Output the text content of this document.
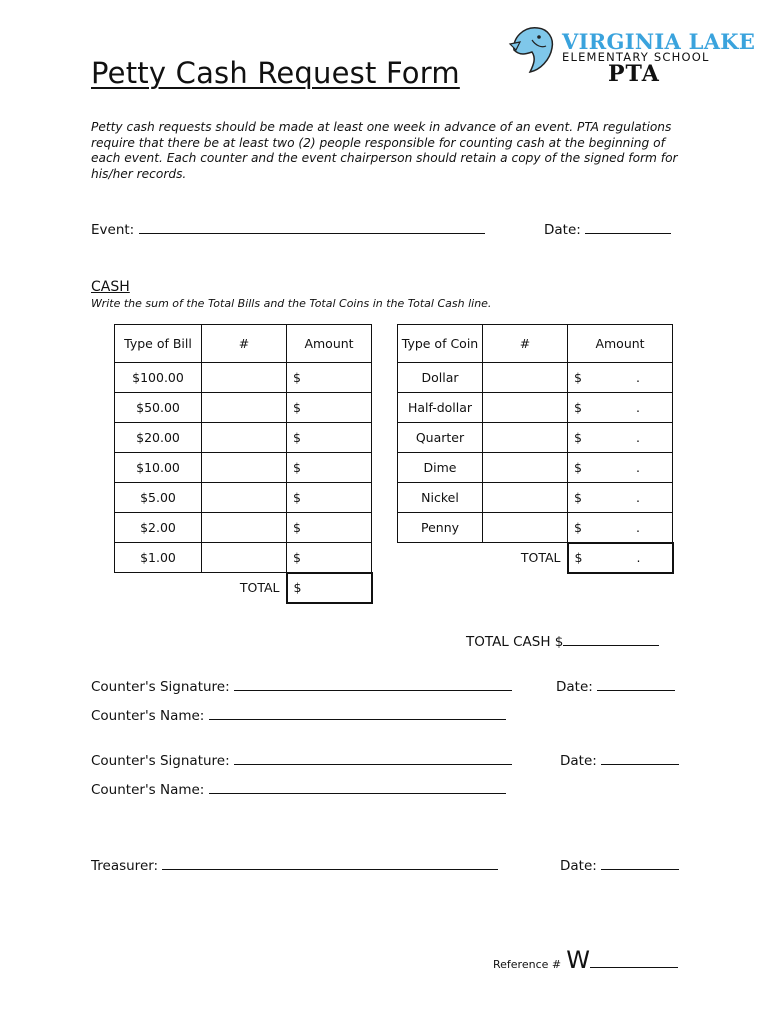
VIRGINIA LAKE
ELEMENTARY SCHOOL
PTA
Petty Cash Request Form
Petty cash requests should be made at least one week in advance of an event. PTA regulations require that there be at least two (2) people responsible for counting cash at the beginning of each event. Each counter and the event chairperson should retain a copy of the signed form for his/her records.
Event:	Date:
CASH
Write the sum of the Total Bills and the Total Coins in the Total Cash line.
Type of Bill	#	Amount
$100.00		$
$50.00		$
$20.00		$
$10.00		$
$5.00		$
$2.00		$
$1.00		$
	TOTAL	$
Type of Coin	#	Amount
Dollar		$ .

Half-dollar		$ .

Quarter		$ .

Dime		$ .

Nickel		$ .

Penny		$ .

	TOTAL	$ .
TOTAL CASH $
Counter's Signature:	Date:
Counter's Name:
Counter's Signature:	Date:
Counter's Name:
Treasurer:	Date:
Reference # W
